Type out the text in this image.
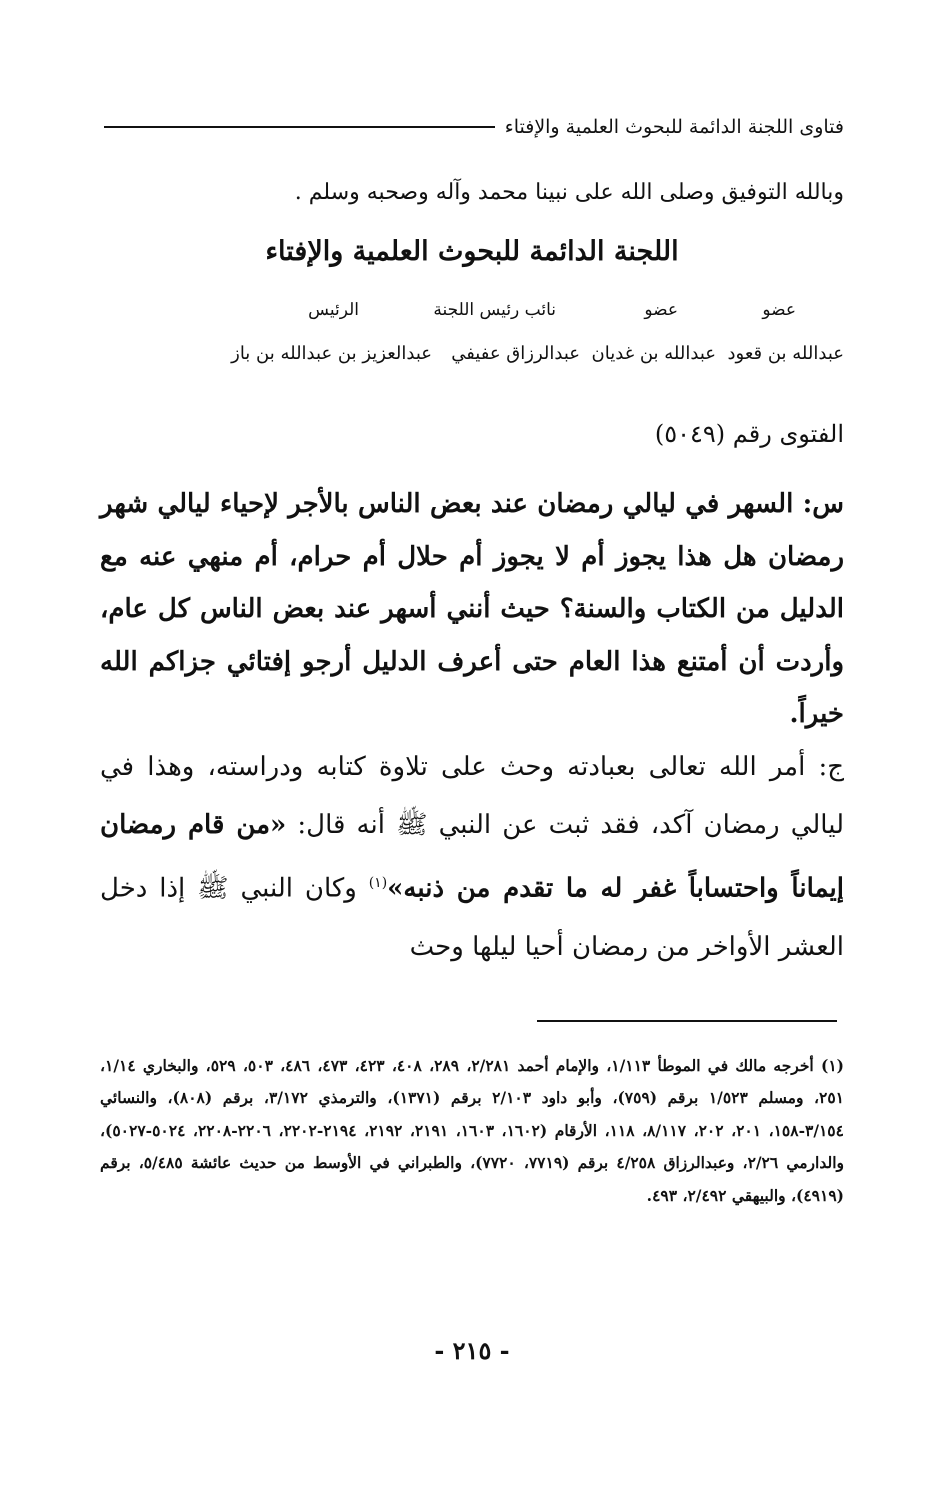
فتاوى اللجنة الدائمة للبحوث العلمية والإفتاء
وبالله التوفيق وصلى الله على نبينا محمد وآله وصحبه وسلم .
اللجنة الدائمة للبحوث العلمية والإفتاء
عضو
عضو
نائب رئيس اللجنة
الرئيس
عبدالله بن قعود
عبدالله بن غديان
عبدالرزاق عفيفي
عبدالعزيز بن عبدالله بن باز
الفتوى رقم (٥٠٤٩)
س: السهر في ليالي رمضان عند بعض الناس بالأجر لإحياء ليالي شهر رمضان هل هذا يجوز أم لا يجوز أم حلال أم حرام، أم منهي عنه مع الدليل من الكتاب والسنة؟ حيث أنني أسهر عند بعض الناس كل عام، وأردت أن أمتنع هذا العام حتى أعرف الدليل أرجو إفتائي جزاكم الله خيراً.
ج: أمر الله تعالى بعبادته وحث على تلاوة كتابه ودراسته، وهذا في ليالي رمضان آكد، فقد ثبت عن النبي ﷺ أنه قال: «من قام رمضان إيماناً واحتساباً غفر له ما تقدم من ذنبه»$^{(١)}$ وكان النبي ﷺ إذا دخل العشر الأواخر من رمضان أحيا ليلها وحث
(١) أخرجه مالك في الموطأ ١/١١٣، والإمام أحمد ٢/٢٨١، ٢٨٩، ٤٠٨، ٤٢٣، ٤٧٣، ٤٨٦، ٥٠٣، ٥٢٩، والبخاري ١/١٤، ٢٥١، ومسلم ١/٥٢٣ برقم (٧٥٩)، وأبو داود ٢/١٠٣ برقم (١٣٧١)، والترمذي ٣/١٧٢، برقم (٨٠٨)، والنسائي ٣/١٥٤-١٥٨، ٢٠١، ٢٠٢، ٨/١١٧، ١١٨، الأرقام (١٦٠٢، ١٦٠٣، ٢١٩١، ٢١٩٢، ٢١٩٤-٢٢٠٢، ٢٢٠٦-٢٢٠٨، ٥٠٢٤-٥٠٢٧)، والدارمي ٢/٢٦، وعبدالرزاق ٤/٢٥٨ برقم (٧٧١٩، ٧٧٢٠)، والطبراني في الأوسط من حديث عائشة ٥/٤٨٥، برقم (٤٩١٩)، والبيهقي ٢/٤٩٢، ٤٩٣.
- ٢١٥ -
